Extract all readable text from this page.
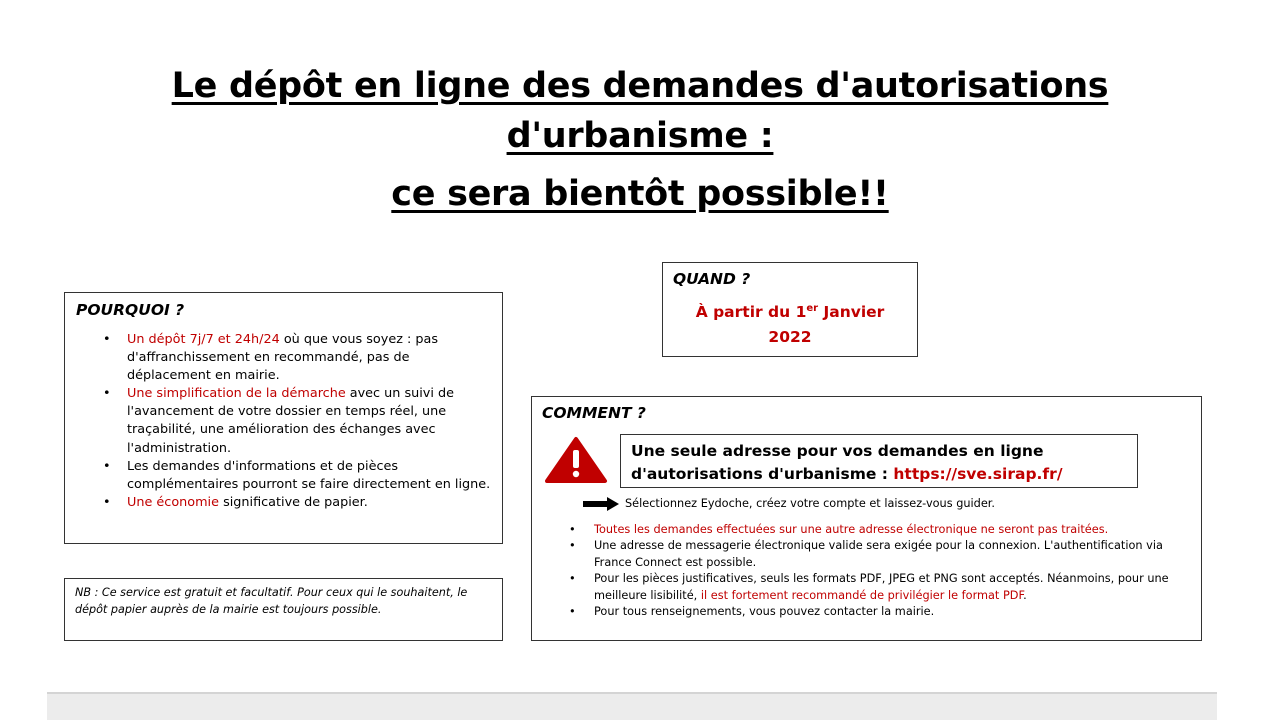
Le dépôt en ligne des demandes d'autorisations
d'urbanisme :
ce sera bientôt possible!!
POURQUOI ?
• Un dépôt 7j/7 et 24h/24 où que vous soyez : pas d'affranchissement en recommandé, pas de déplacement en mairie.
• Une simplification de la démarche avec un suivi de l'avancement de votre dossier en temps réel, une traçabilité, une amélioration des échanges avec l'administration.
• Les demandes d'informations et de pièces complémentaires pourront se faire directement en ligne.
• Une économie significative de papier.

NB : Ce service est gratuit et facultatif. Pour ceux qui le souhaitent, le dépôt papier auprès de la mairie est toujours possible.

QUAND ?
À partir du 1er Janvier
2022
COMMENT ?
Une seule adresse pour vos demandes en ligne d'autorisations d'urbanisme : https://sve.sirap.fr/
Sélectionnez Eydoche, créez votre compte et laissez-vous guider.
• Toutes les demandes effectuées sur une autre adresse électronique ne seront pas traitées.
• Une adresse de messagerie électronique valide sera exigée pour la connexion. L'authentification via France Connect est possible.
• Pour les pièces justificatives, seuls les formats PDF, JPEG et PNG sont acceptés. Néanmoins, pour une meilleure lisibilité, il est fortement recommandé de privilégier le format PDF.
• Pour tous renseignements, vous pouvez contacter la mairie.
